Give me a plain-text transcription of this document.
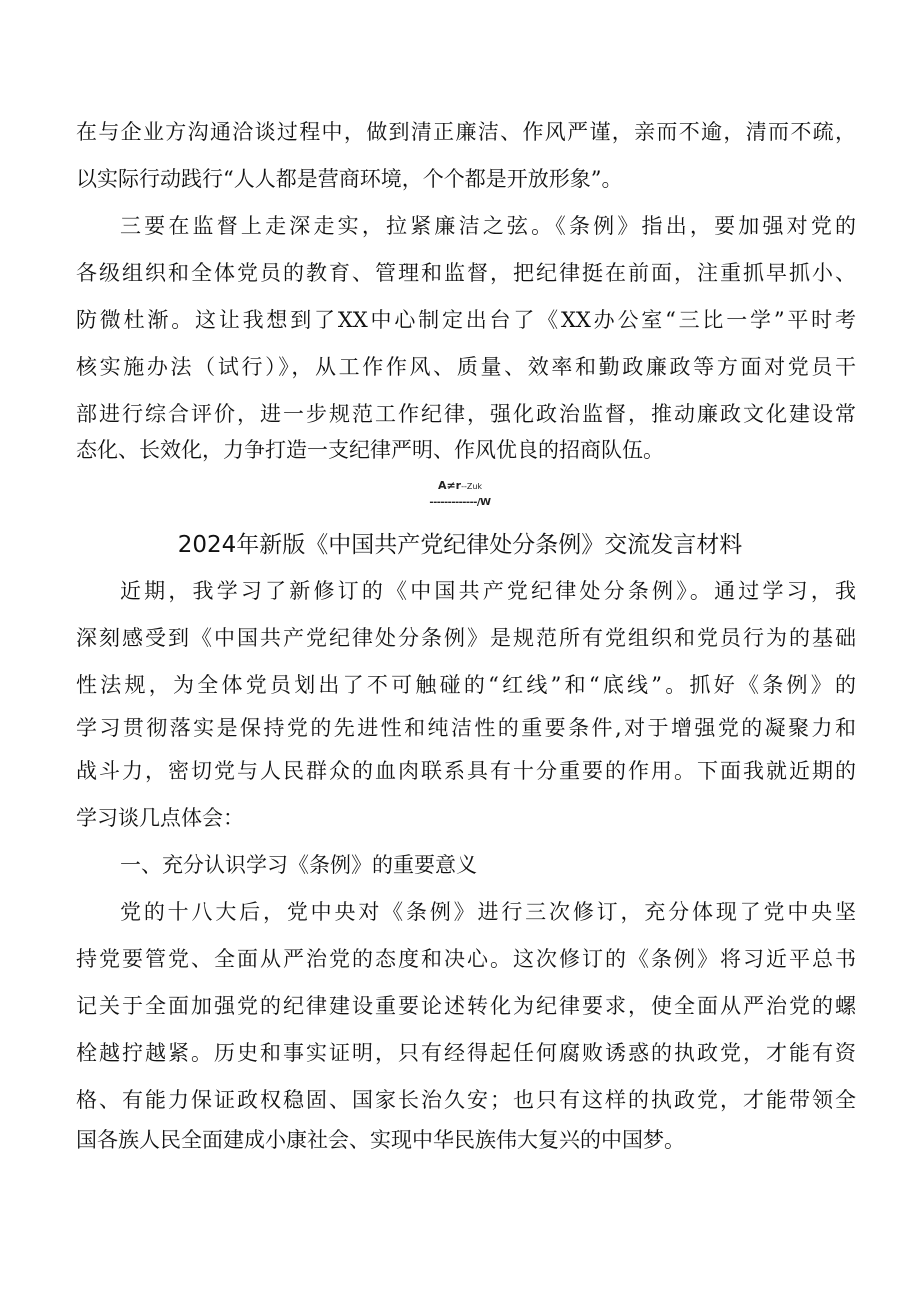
在与企业方沟通洽谈过程中，做到清正廉洁、作风严谨，亲而不逾，清而不疏，
以实际行动践行“人人都是营商环境，个个都是开放形象”。
三要在监督上走深走实，拉紧廉洁之弦。《条例》指出，要加强对党的
各级组织和全体党员的教育、管理和监督，把纪律挺在前面，注重抓早抓小、
防微杜渐。这让我想到了XX中心制定出台了《XX办公室“三比一学”平时考
核实施办法（试行）》，从工作作风、质量、效率和勤政廉政等方面对党员干
部进行综合评价，进一步规范工作纪律，强化政治监督，推动廉政文化建设常
态化、长效化，力争打造一支纪律严明、作风优良的招商队伍。
A≠r--Zuk
-------------/W
2024年新版《中国共产党纪律处分条例》交流发言材料
近期，我学习了新修订的《中国共产党纪律处分条例》。通过学习，我
深刻感受到《中国共产党纪律处分条例》是规范所有党组织和党员行为的基础
性法规，为全体党员划出了不可触碰的“红线”和“底线”。抓好《条例》的
学习贯彻落实是保持党的先进性和纯洁性的重要条件,对于增强党的凝聚力和
战斗力，密切党与人民群众的血肉联系具有十分重要的作用。下面我就近期的
学习谈几点体会：
一、充分认识学习《条例》的重要意义
党的十八大后，党中央对《条例》进行三次修订，充分体现了党中央坚
持党要管党、全面从严治党的态度和决心。这次修订的《条例》将习近平总书
记关于全面加强党的纪律建设重要论述转化为纪律要求，使全面从严治党的螺
栓越拧越紧。历史和事实证明，只有经得起任何腐败诱惑的执政党，才能有资
格、有能力保证政权稳固、国家长治久安；也只有这样的执政党，才能带领全
国各族人民全面建成小康社会、实现中华民族伟大复兴的中国梦。
